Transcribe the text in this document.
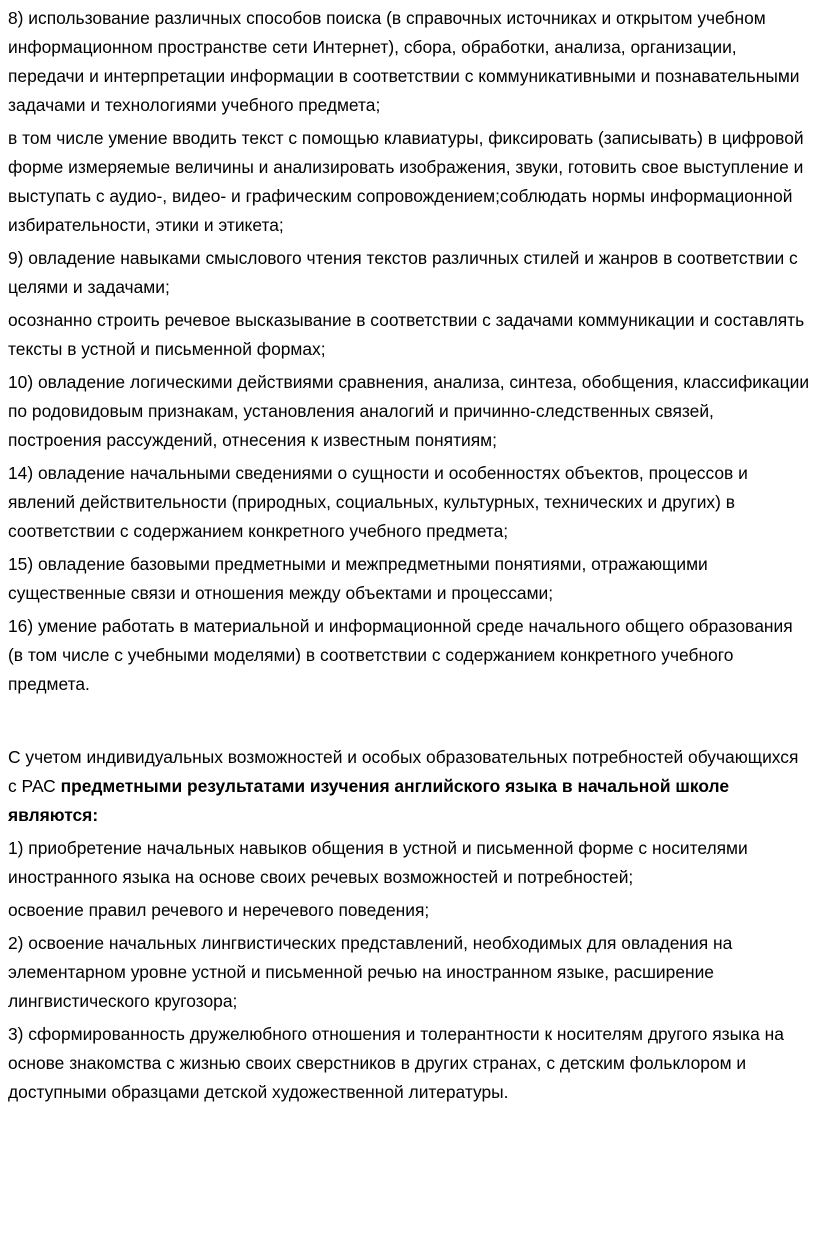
8) использование различных способов поиска (в справочных источниках и открытом учебном информационном пространстве сети Интернет), сбора, обработки, анализа, организации, передачи и интерпретации информации в соответствии с коммуникативными и познавательными задачами и технологиями учебного предмета;

в том числе умение вводить текст с помощью клавиатуры, фиксировать (записывать) в цифровой форме измеряемые величины и анализировать изображения, звуки, готовить свое выступление и выступать с аудио-, видео- и графическим сопровождением;соблюдать нормы информационной избирательности, этики и этикета;

9) овладение навыками смыслового чтения текстов различных стилей и жанров в соответствии с целями и задачами;

осознанно строить речевое высказывание в соответствии с задачами коммуникации и составлять тексты в устной и письменной формах;

10) овладение логическими действиями сравнения, анализа, синтеза, обобщения, классификации по родовидовым признакам, установления аналогий и причинно-следственных связей, построения рассуждений, отнесения к известным понятиям;

14) овладение начальными сведениями о сущности и особенностях объектов, процессов и явлений действительности (природных, социальных, культурных, технических и других) в соответствии с содержанием конкретного учебного предмета;

15) овладение базовыми предметными и межпредметными понятиями, отражающими существенные связи и отношения между объектами и процессами;

16) умение работать в материальной и информационной среде начального общего образования (в том числе с учебными моделями) в соответствии с содержанием конкретного учебного предмета.

С учетом индивидуальных возможностей и особых образовательных потребностей обучающихся с РАС предметными результатами изучения английского языка в начальной школе являются:

1) приобретение начальных навыков общения в устной и письменной форме с носителями иностранного языка на основе своих речевых возможностей и потребностей;

освоение правил речевого и неречевого поведения;

2) освоение начальных лингвистических представлений, необходимых для овладения на элементарном уровне устной и письменной речью на иностранном языке, расширение лингвистического кругозора;

3) сформированность дружелюбного отношения и толерантности к носителям другого языка на основе знакомства с жизнью своих сверстников в других странах, с детским фольклором и доступными образцами детской художественной литературы.
